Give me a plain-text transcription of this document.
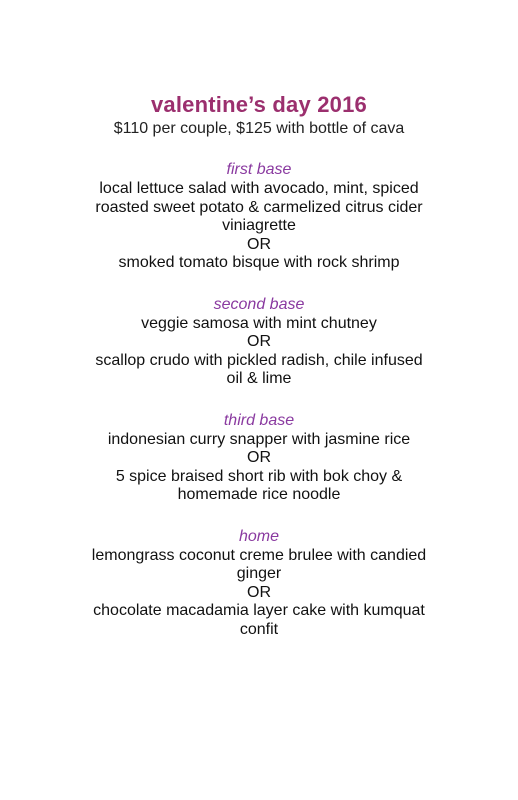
valentine’s day 2016
$110 per couple, $125 with bottle of cava
first base
local lettuce salad with avocado, mint, spiced roasted sweet potato & carmelized citrus cider viniagrette
OR
smoked tomato bisque with rock shrimp
second base
veggie samosa with mint chutney
OR
scallop crudo with pickled radish, chile infused oil & lime
third base
indonesian curry snapper with jasmine rice
OR
5 spice braised short rib with bok choy & homemade rice noodle
home
lemongrass coconut creme brulee with candied ginger
OR
chocolate macadamia layer cake with kumquat confit
